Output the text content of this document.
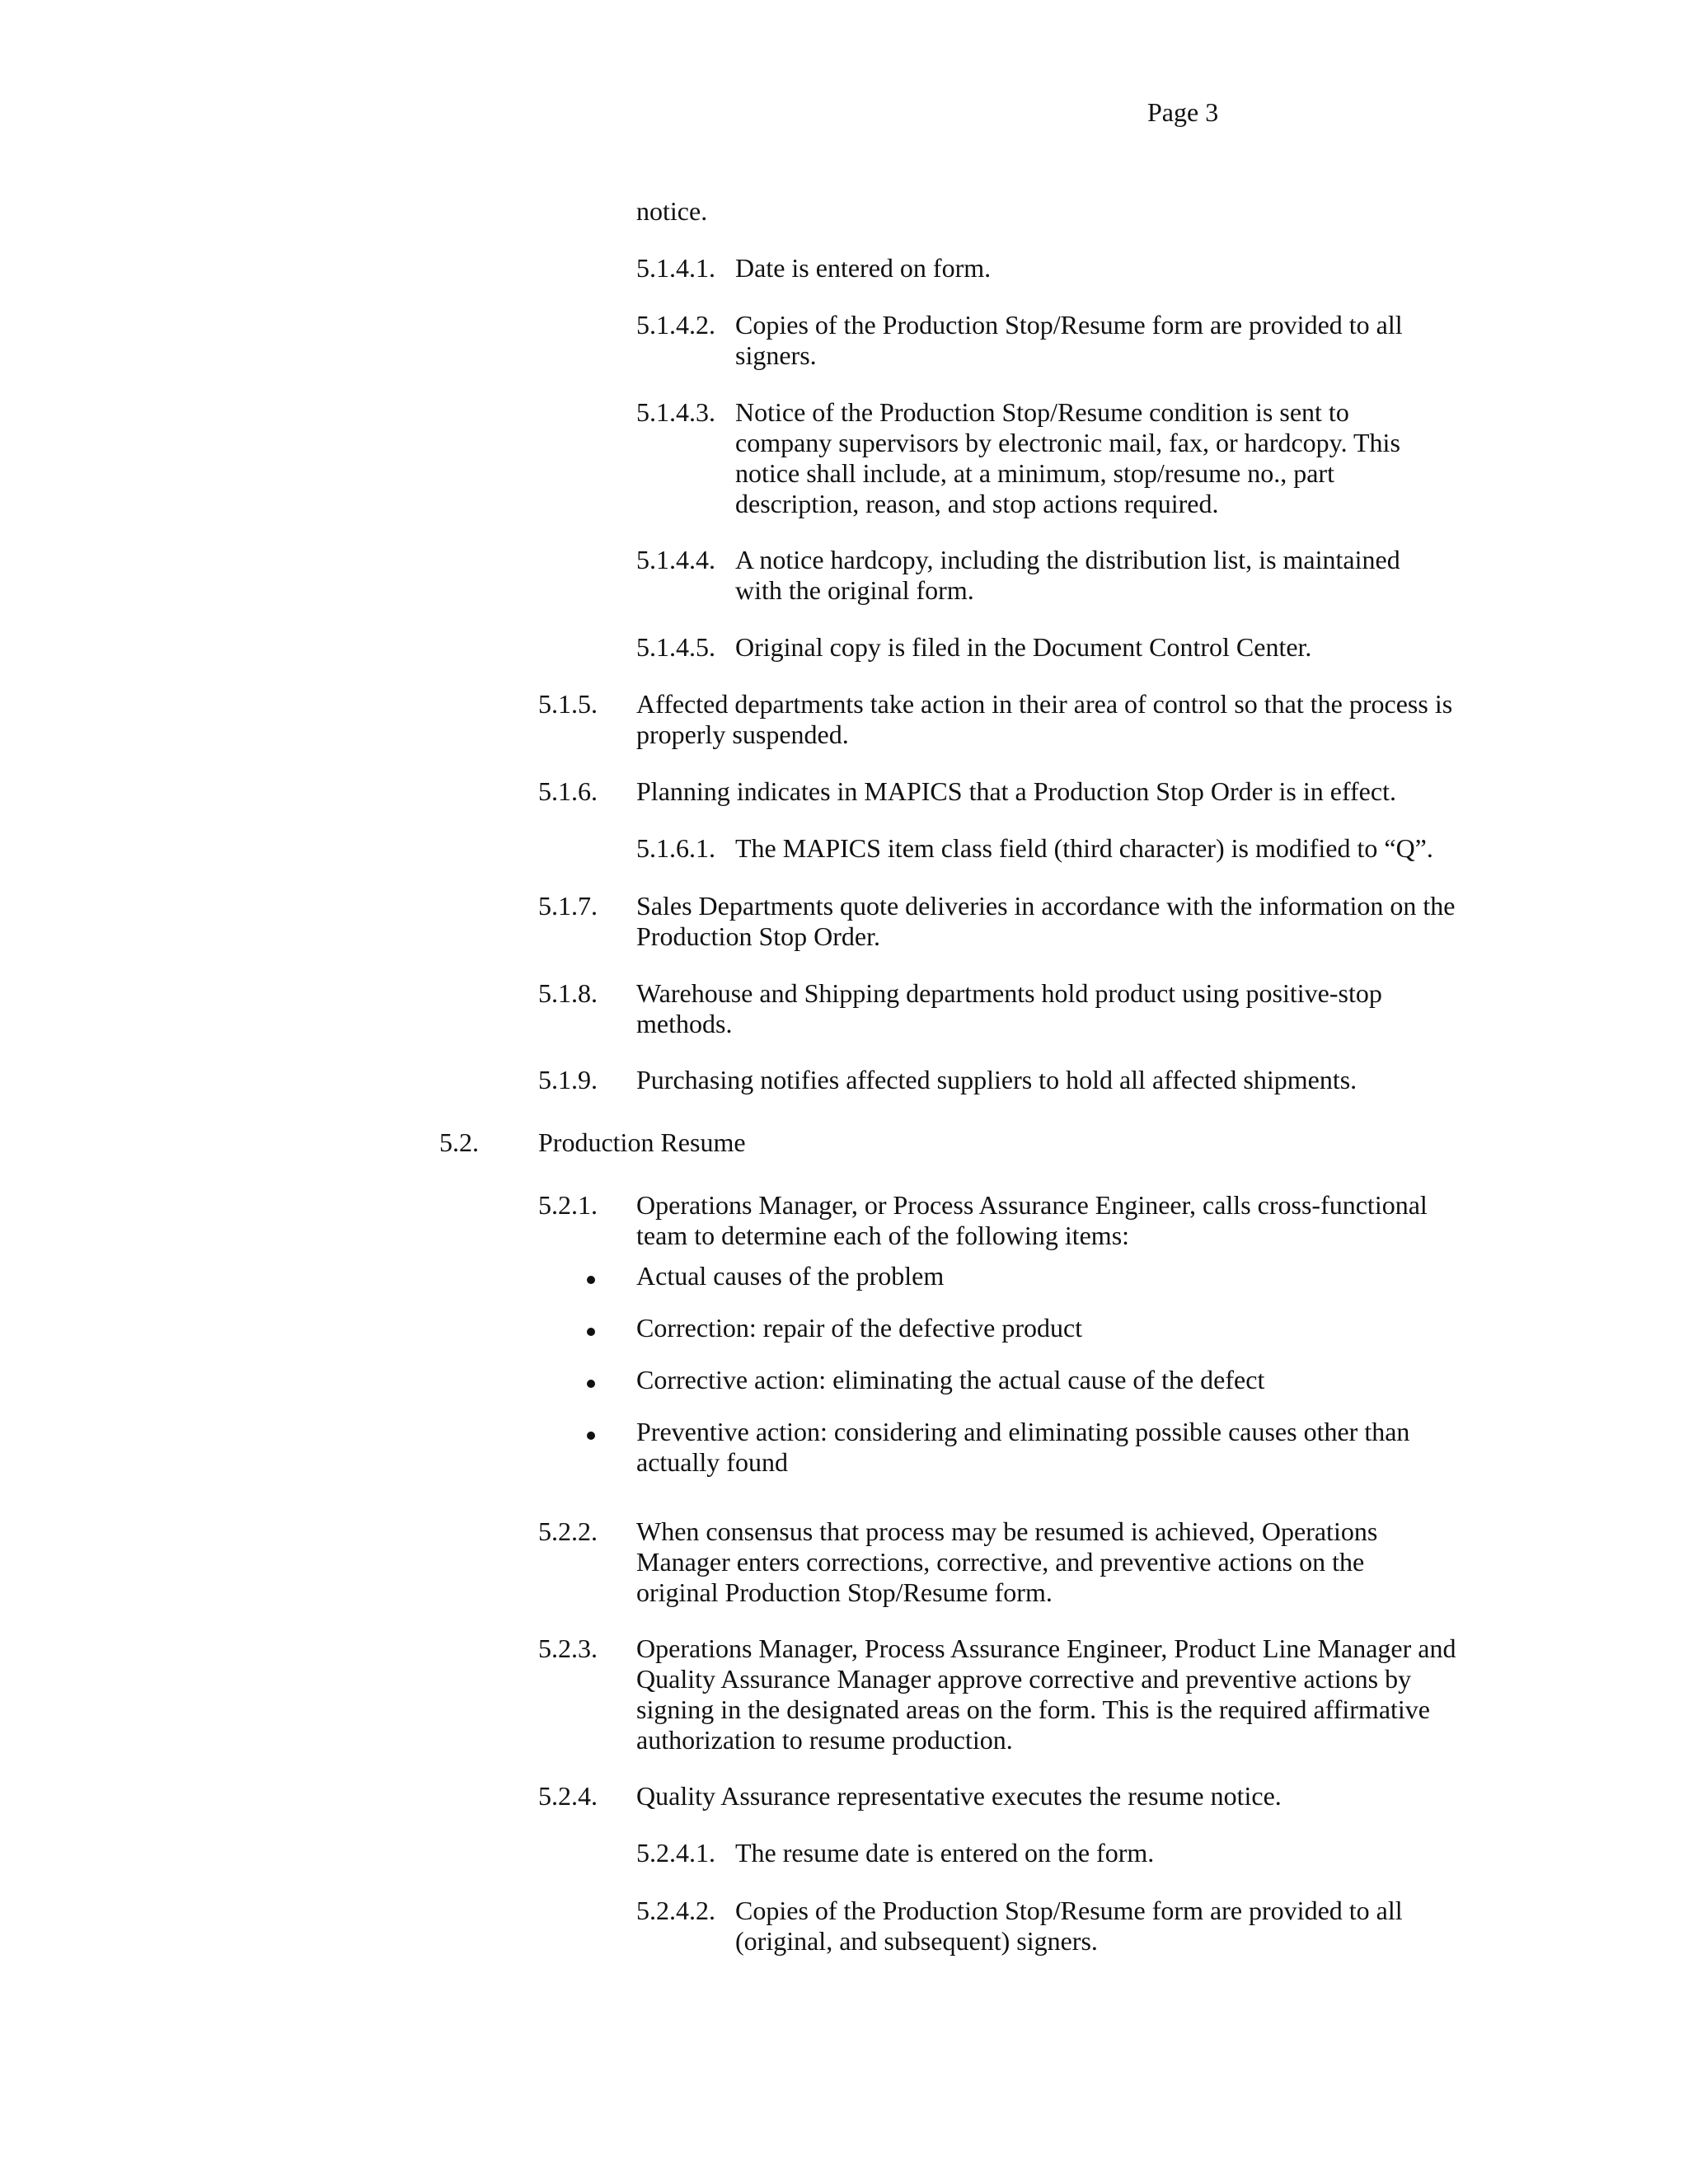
Page 3
notice.
5.1.4.1. Date is entered on form.
5.1.4.2. Copies of the Production Stop/Resume form are provided to all signers.
5.1.4.3. Notice of the Production Stop/Resume condition is sent to company supervisors by electronic mail, fax, or hardcopy. This notice shall include, at a minimum, stop/resume no., part description, reason, and stop actions required.
5.1.4.4. A notice hardcopy, including the distribution list, is maintained with the original form.
5.1.4.5. Original copy is filed in the Document Control Center.
5.1.5.	Affected departments take action in their area of control so that the process is properly suspended.
5.1.6.	Planning indicates in MAPICS that a Production Stop Order is in effect.
5.1.6.1. The MAPICS item class field (third character) is modified to “Q”.
5.1.7.	Sales Departments quote deliveries in accordance with the information on the Production Stop Order.
5.1.8.	Warehouse and Shipping departments hold product using positive-stop methods.
5.1.9.	Purchasing notifies affected suppliers to hold all affected shipments.
5.2.	Production Resume
5.2.1.	Operations Manager, or Process Assurance Engineer, calls cross-functional team to determine each of the following items:
Actual causes of the problem
Correction: repair of the defective product
Corrective action: eliminating the actual cause of the defect
Preventive action: considering and eliminating possible causes other than actually found
5.2.2.	When consensus that process may be resumed is achieved, Operations Manager enters corrections, corrective, and preventive actions on the original Production Stop/Resume form.
5.2.3.	Operations Manager, Process Assurance Engineer, Product Line Manager and Quality Assurance Manager approve corrective and preventive actions by signing in the designated areas on the form. This is the required affirmative authorization to resume production.
5.2.4.	Quality Assurance representative executes the resume notice.
5.2.4.1. The resume date is entered on the form.
5.2.4.2. Copies of the Production Stop/Resume form are provided to all (original, and subsequent) signers.
